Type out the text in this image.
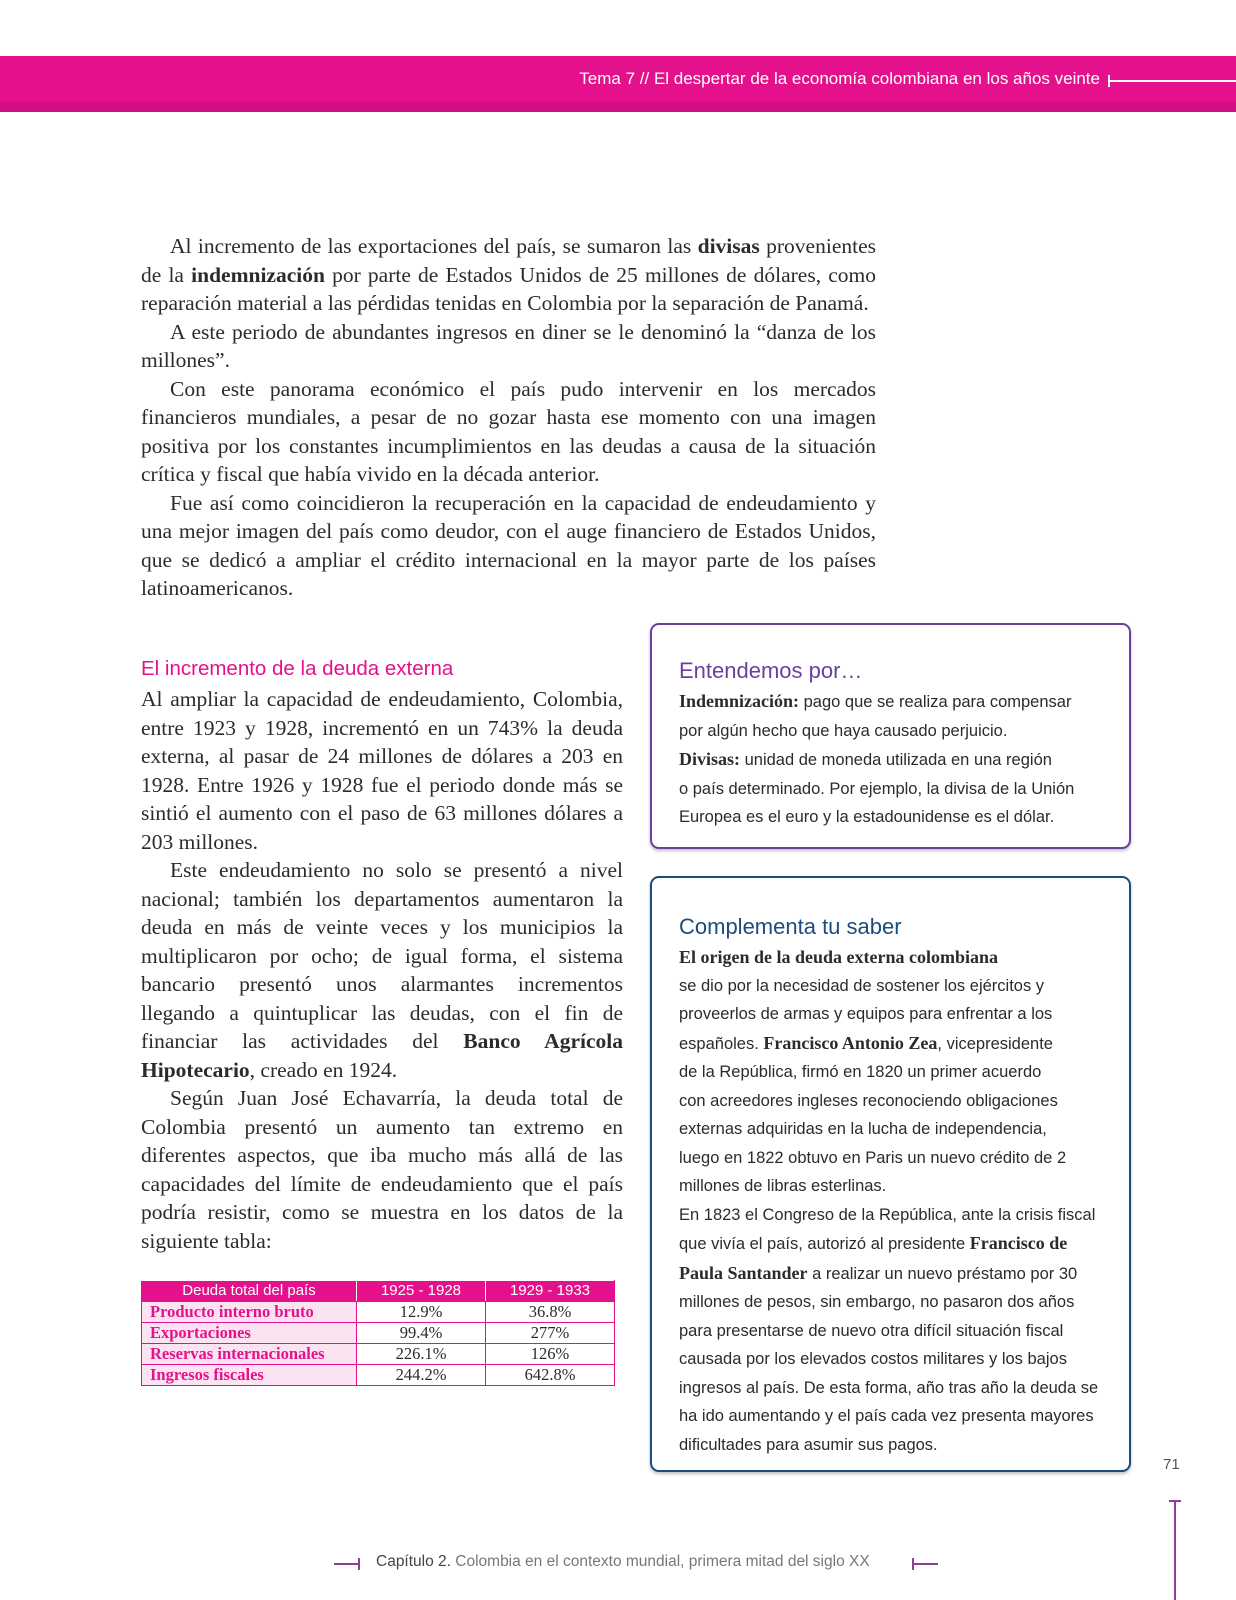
Tema 7 // El despertar de la economía colombiana en los años veinte

Al incremento de las exportaciones del país, se sumaron las divisas provenientes de la indemnización por parte de Estados Unidos de 25 millones de dólares, como reparación material a las pérdidas tenidas en Colombia por la separación de Panamá.

A este periodo de abundantes ingresos en diner se le denominó la “danza de los millones”.

Con este panorama económico el país pudo intervenir en los mercados financieros mundiales, a pesar de no gozar hasta ese momento con una imagen positiva por los constantes incumplimientos en las deudas a causa de la situación crítica y fiscal que había vivido en la década anterior.

Fue así como coincidieron la recuperación en la capacidad de endeudamiento y una mejor imagen del país como deudor, con el auge financiero de Estados Unidos, que se dedicó a ampliar el crédito internacional en la mayor parte de los países latinoamericanos.

El incremento de la deuda externa

Al ampliar la capacidad de endeudamiento, Colombia, entre 1923 y 1928, incrementó en un 743% la deuda externa, al pasar de 24 millones de dólares a 203 en 1928. Entre 1926 y 1928 fue el periodo donde más se sintió el aumento con el paso de 63 millones dólares a 203 millones.

Este endeudamiento no solo se presentó a nivel nacional; también los departamentos aumentaron la deuda en más de veinte veces y los municipios la multiplicaron por ocho; de igual forma, el sistema bancario presentó unos alarmantes incrementos llegando a quintuplicar las deudas, con el fin de financiar las actividades del Banco Agrícola Hipotecario, creado en 1924.

Según Juan José Echavarría, la deuda total de Colombia presentó un aumento tan extremo en diferentes aspectos, que iba mucho más allá de las capacidades del límite de endeudamiento que el país podría resistir, como se muestra en los datos de la siguiente tabla:

Deuda total del país	1925 - 1928	1929 - 1933
Producto interno bruto	12.9%	36.8%
Exportaciones	99.4%	277%
Reservas internacionales	226.1%	126%
Ingresos fiscales	244.2%	642.8%
Entendemos por…
Indemnización: pago que se realiza para compensar
por algún hecho que haya causado perjuicio.
Divisas: unidad de moneda utilizada en una región
o país determinado. Por ejemplo, la divisa de la Unión
Europea es el euro y la estadounidense es el dólar.
Complementa tu saber
El origen de la deuda externa colombiana
se dio por la necesidad de sostener los ejércitos y
proveerlos de armas y equipos para enfrentar a los
españoles. Francisco Antonio Zea, vicepresidente
de la República, firmó en 1820 un primer acuerdo
con acreedores ingleses reconociendo obligaciones
externas adquiridas en la lucha de independencia,
luego en 1822 obtuvo en Paris un nuevo crédito de 2
millones de libras esterlinas.
En 1823 el Congreso de la República, ante la crisis fiscal
que vivía el país, autorizó al presidente Francisco de
Paula Santander a realizar un nuevo préstamo por 30
millones de pesos, sin embargo, no pasaron dos años
para presentarse de nuevo otra difícil situación fiscal
causada por los elevados costos militares y los bajos
ingresos al país. De esta forma, año tras año la deuda se
ha ido aumentando y el país cada vez presenta mayores
dificultades para asumir sus pagos.
71
Capítulo 2. Colombia en el contexto mundial, primera mitad del siglo XX
